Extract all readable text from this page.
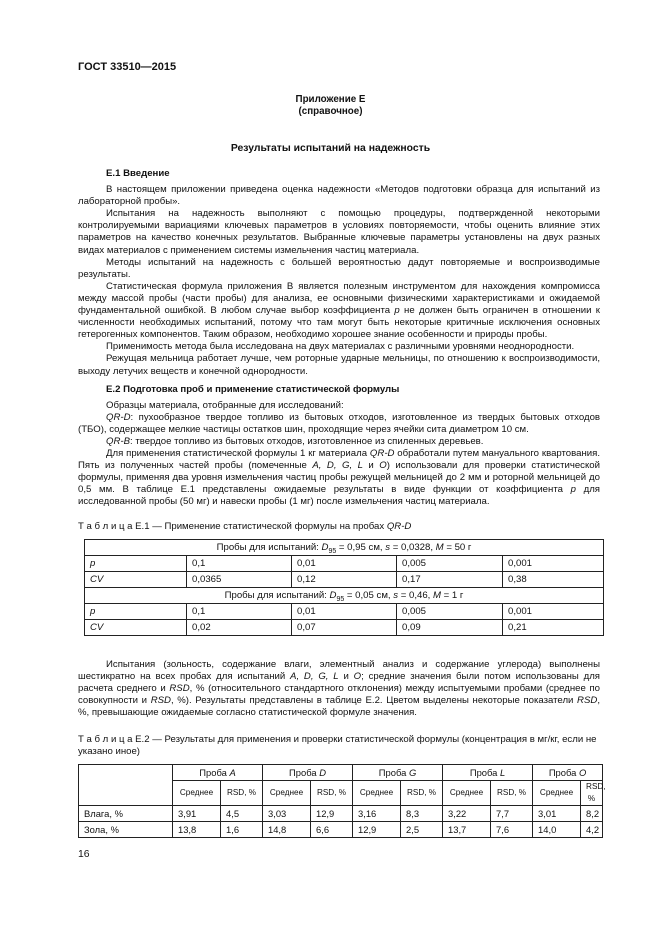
ГОСТ 33510—2015
Приложение Е
(справочное)
Результаты испытаний на надежность

Е.1 Введение

В настоящем приложении приведена оценка надежности «Методов подготовки образца для испытаний из лабораторной пробы».

Испытания на надежность выполняют с помощью процедуры, подтвержденной некоторыми контролируемыми вариациями ключевых параметров в условиях повторяемости, чтобы оценить влияние этих параметров на качество конечных результатов. Выбранные ключевые параметры установлены на двух разных видах материалов с применением системы измельчения частиц материала.

Методы испытаний на надежность с большей вероятностью дадут повторяемые и воспроизводимые результаты.

Статистическая формула приложения В является полезным инструментом для нахождения компромисса между массой пробы (части пробы) для анализа, ее основными физическими характеристиками и ожидаемой фундаментальной ошибкой. В любом случае выбор коэффициента p не должен быть ограничен в отношении к численности необходимых испытаний, потому что там могут быть некоторые критичные исключения основных гетерогенных компонентов. Таким образом, необходимо хорошее знание особенности и природы пробы.

Применимость метода была исследована на двух материалах с различными уровнями неоднородности.

Режущая мельница работает лучше, чем роторные ударные мельницы, по отношению к воспроизводимости, выходу летучих веществ и конечной однородности.

Е.2 Подготовка проб и применение статистической формулы

Образцы материала, отобранные для исследований:

QR-D: пухообразное твердое топливо из бытовых отходов, изготовленное из твердых бытовых отходов (ТБО), содержащее мелкие частицы остатков шин, проходящие через ячейки сита диаметром 10 см.

QR-B: твердое топливо из бытовых отходов, изготовленное из спиленных деревьев.

Для применения статистической формулы 1 кг материала QR-D обработали путем мануального квартования. Пять из полученных частей пробы (помеченные A, D, G, L и O) использовали для проверки статистической формулы, применяя два уровня измельчения частиц пробы режущей мельницей до 2 мм и роторной мельницей до 0,5 мм. В таблице Е.1 представлены ожидаемые результаты в виде функции от коэффициента p для исследованной пробы (50 мг) и навески пробы (1 мг) после измельчения частиц материала.

Т а б л и ц а Е.1 — Применение статистической формулы на пробах QR-D
Пробы для испытаний: $D_{95} = 0,95$ см, s = 0,0328, M = 50 г				
p	0,1	0,01	0,005	0,001
CV	0,0365	0,12	0,17	0,38
Пробы для испытаний: $D_{95} = 0,05$ см, s = 0,46, M = 1 г				
p	0,1	0,01	0,005	0,001
CV	0,02	0,07	0,09	0,21

Испытания (зольность, содержание влаги, элементный анализ и содержание углерода) выполнены шестикратно на всех пробах для испытаний A, D, G, L и O; средние значения были потом использованы для расчета среднего и RSD, % (относительного стандартного отклонения) между испытуемыми пробами (среднее по совокупности и RSD, %). Результаты представлены в таблице Е.2. Цветом выделены некоторые показатели RSD, %, превышающие ожидаемые согласно статистической формуле значения.

Т а б л и ц а Е.2 — Результаты для применения и проверки статистической формулы (концентрация в мг/кг, если не указано иное)
	Проба A		Проба D		Проба G		Проба L		Проба O	
	Среднее	RSD, %	Среднее	RSD, %	Среднее	RSD, %	Среднее	RSD, %	Среднее	RSD, %
Влага, %	3,91	4,5	3,03	12,9	3,16	8,3	3,22	7,7	3,01	8,2
Зола, %	13,8	1,6	14,8	6,6	12,9	2,5	13,7	7,6	14,0	4,2
16
